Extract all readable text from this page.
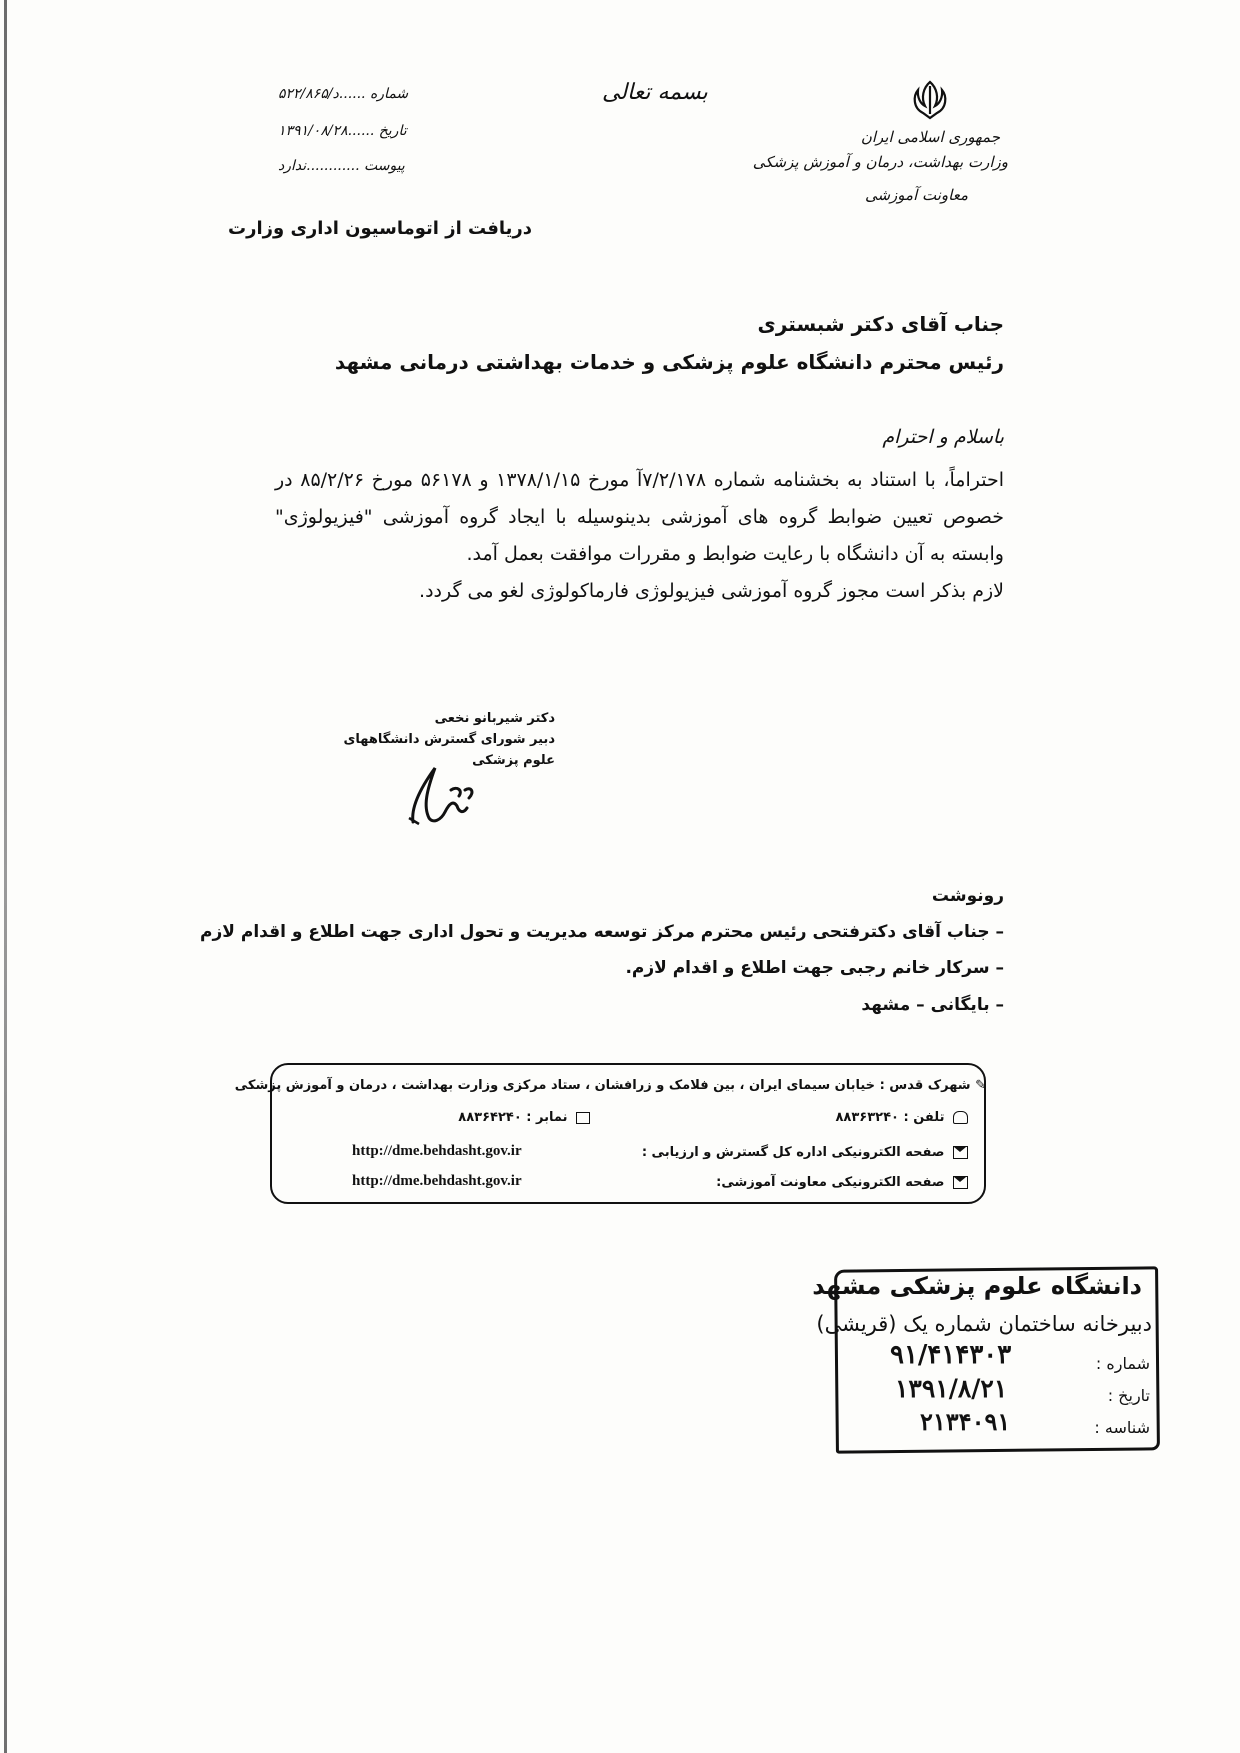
جمهوری اسلامی ایران
وزارت بهداشت، درمان و آموزش پزشکی
معاونت آموزشی
بسمه تعالی
شماره ......د/۵۲۲/۸۶۵
تاریخ ......۱۳۹۱/۰۸/۲۸
پیوست ............ندارد
دریافت از اتوماسیون اداری وزارت
جناب آقای دکتر شبستری
رئیس محترم دانشگاه علوم پزشکی و خدمات بهداشتی درمانی مشهد
باسلام و احترام

احتراماً، با استناد به بخشنامه شماره ۷/۲/۱۷۸آ مورخ ۱۳۷۸/۱/۱۵ و ۵۶۱۷۸ مورخ ۸۵/۲/۲۶ در خصوص تعیین ضوابط گروه های آموزشی بدینوسیله با ایجاد گروه آموزشی "فیزیولوژی" وابسته به آن دانشگاه با رعایت ضوابط و مقررات موافقت بعمل آمد.

لازم بذکر است مجوز گروه آموزشی فیزیولوژی فارماکولوژی لغو می گردد.

دکتر شیربانو نخعی
دبیر شورای گسترش دانشگاههای
علوم پزشکی
رونوشت
– جناب آقای دکترفتحی رئیس محترم مرکز توسعه مدیریت و تحول اداری جهت اطلاع و اقدام لازم
– سرکار خانم رجبی جهت اطلاع و اقدام لازم.
– بایگانی – مشهد
✎ شهرک قدس : خیابان سیمای ایران ، بین فلامک و زرافشان ، ستاد مرکزی وزارت بهداشت ، درمان و آموزش پزشکی
تلفن : ۸۸۳۶۳۲۴۰
نمابر : ۸۸۳۶۴۲۴۰
صفحه الکترونیکی اداره کل گسترش و ارزیابی :
http://dme.behdasht.gov.ir
صفحه الکترونیکی معاونت آموزشی:
http://dme.behdasht.gov.ir
دانشگاه علوم پزشکی مشهد
دبیرخانه ساختمان شماره یک (قریشی)
شماره :
۹۱/۴۱۴۳۰۳
تاریخ :
۱۳۹۱/۸/۲۱
شناسه :
۲۱۳۴۰۹۱
